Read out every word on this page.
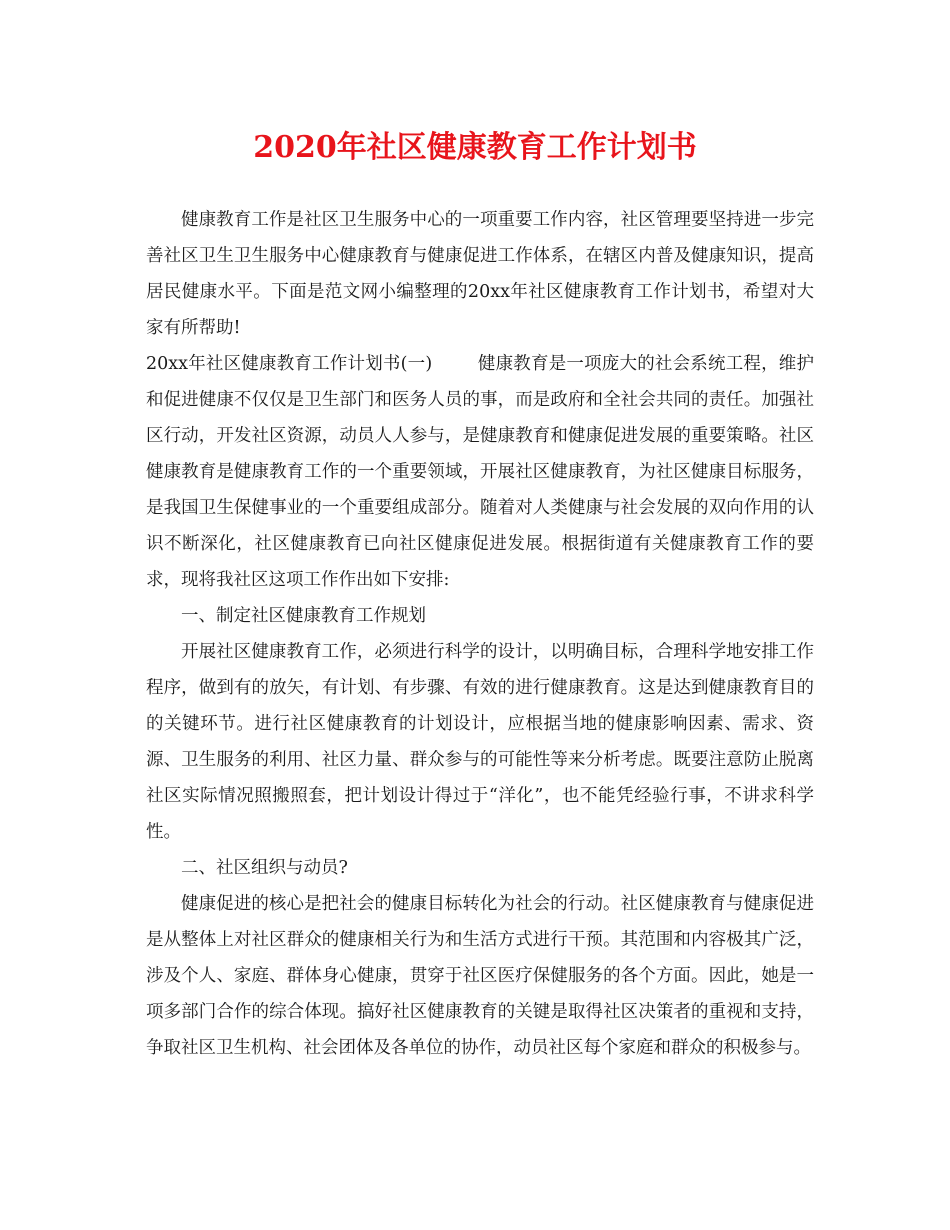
2020年社区健康教育工作计划书

健康教育工作是社区卫生服务中心的一项重要工作内容，社区管理要坚持进一步完善社区卫生卫生服务中心健康教育与健康促进工作体系，在辖区内普及健康知识，提高居民健康水平。下面是范文网小编整理的20xx年社区健康教育工作计划书，希望对大家有所帮助!

20xx年社区健康教育工作计划书(一)	健康教育是一项庞大的社会系统工程，维护和促进健康不仅仅是卫生部门和医务人员的事，而是政府和全社会共同的责任。加强社区行动，开发社区资源，动员人人参与，是健康教育和健康促进发展的重要策略。社区健康教育是健康教育工作的一个重要领域，开展社区健康教育，为社区健康目标服务，是我国卫生保健事业的一个重要组成部分。随着对人类健康与社会发展的双向作用的认识不断深化，社区健康教育已向社区健康促进发展。根据街道有关健康教育工作的要求，现将我社区这项工作作出如下安排:

一、制定社区健康教育工作规划

开展社区健康教育工作，必须进行科学的设计，以明确目标，合理科学地安排工作程序，做到有的放矢，有计划、有步骤、有效的进行健康教育。这是达到健康教育目的的关键环节。进行社区健康教育的计划设计，应根据当地的健康影响因素、需求、资源、卫生服务的利用、社区力量、群众参与的可能性等来分析考虑。既要注意防止脱离社区实际情况照搬照套，把计划设计得过于“洋化”，也不能凭经验行事，不讲求科学性。

二、社区组织与动员?

健康促进的核心是把社会的健康目标转化为社会的行动。社区健康教育与健康促进是从整体上对社区群众的健康相关行为和生活方式进行干预。其范围和内容极其广泛，涉及个人、家庭、群体身心健康，贯穿于社区医疗保健服务的各个方面。因此，她是一项多部门合作的综合体现。搞好社区健康教育的关键是取得社区决策者的重视和支持，争取社区卫生机构、社会团体及各单位的协作，动员社区每个家庭和群众的积极参与。
